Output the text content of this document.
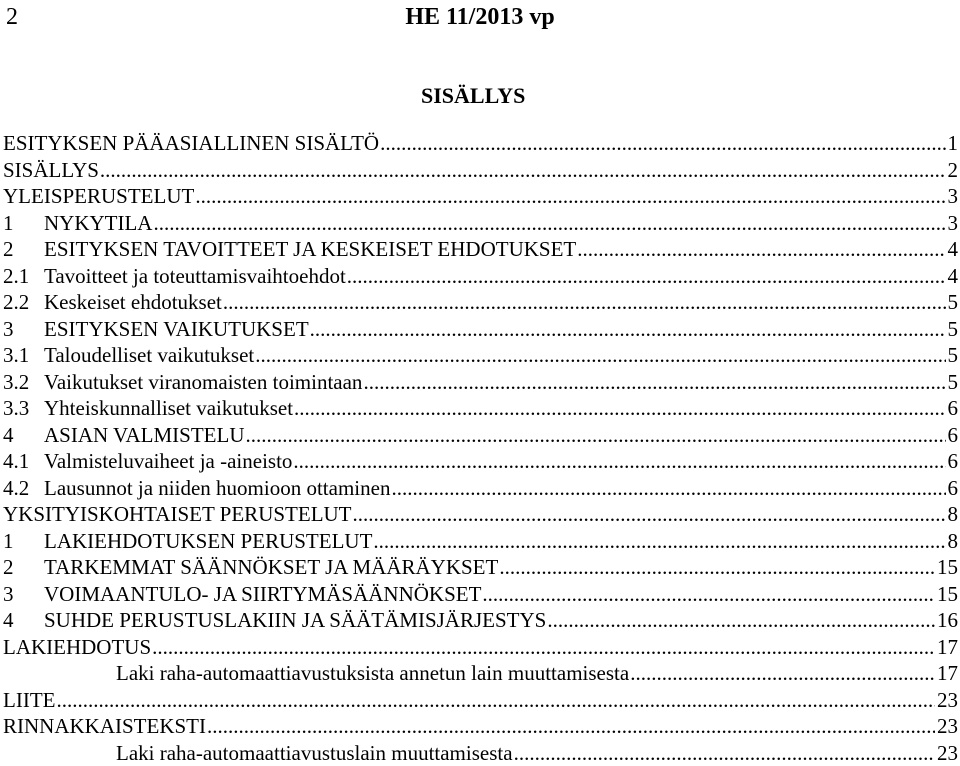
2	HE 11/2013 vp
SISÄLLYS
ESITYKSEN PÄÄASIALLINEN SISÄLTÖ .....	1
SISÄLLYS .....	2
YLEISPERUSTELUT .....	3
1	NYKYTILA .....	3
2	ESITYKSEN TAVOITTEET JA KESKEISET EHDOTUKSET .....	4
2.1 Tavoitteet ja toteuttamisvaihtoehdot .....	4
2.2 Keskeiset ehdotukset .....	5
3	ESITYKSEN VAIKUTUKSET .....	5
3.1 Taloudelliset vaikutukset .....	5
3.2 Vaikutukset viranomaisten toimintaan .....	5
3.3 Yhteiskunnalliset vaikutukset .....	6
4	ASIAN VALMISTELU .....	6
4.1 Valmisteluvaiheet ja -aineisto .....	6
4.2 Lausunnot ja niiden huomioon ottaminen .....	6
YKSITYISKOHTAISET PERUSTELUT .....	8
1	LAKIEHDOTUKSEN PERUSTELUT .....	8
2	TARKEMMAT SÄÄNNÖKSET JA MÄÄRÄYKSET .....	15
3	VOIMAANTULO- JA SIIRTYMÄSÄÄNNÖKSET .....	15
4	SUHDE PERUSTUSLAKIIN JA SÄÄTÄMISJÄRJESTYS .....	16
LAKIEHDOTUS .....	17
Laki raha-automaattiavustuksista annetun lain muuttamisesta .....	17
LIITE .....	23
RINNAKKAISTEKSTI .....	23
Laki raha-automaattiavustuslain muuttamisesta .....	23
